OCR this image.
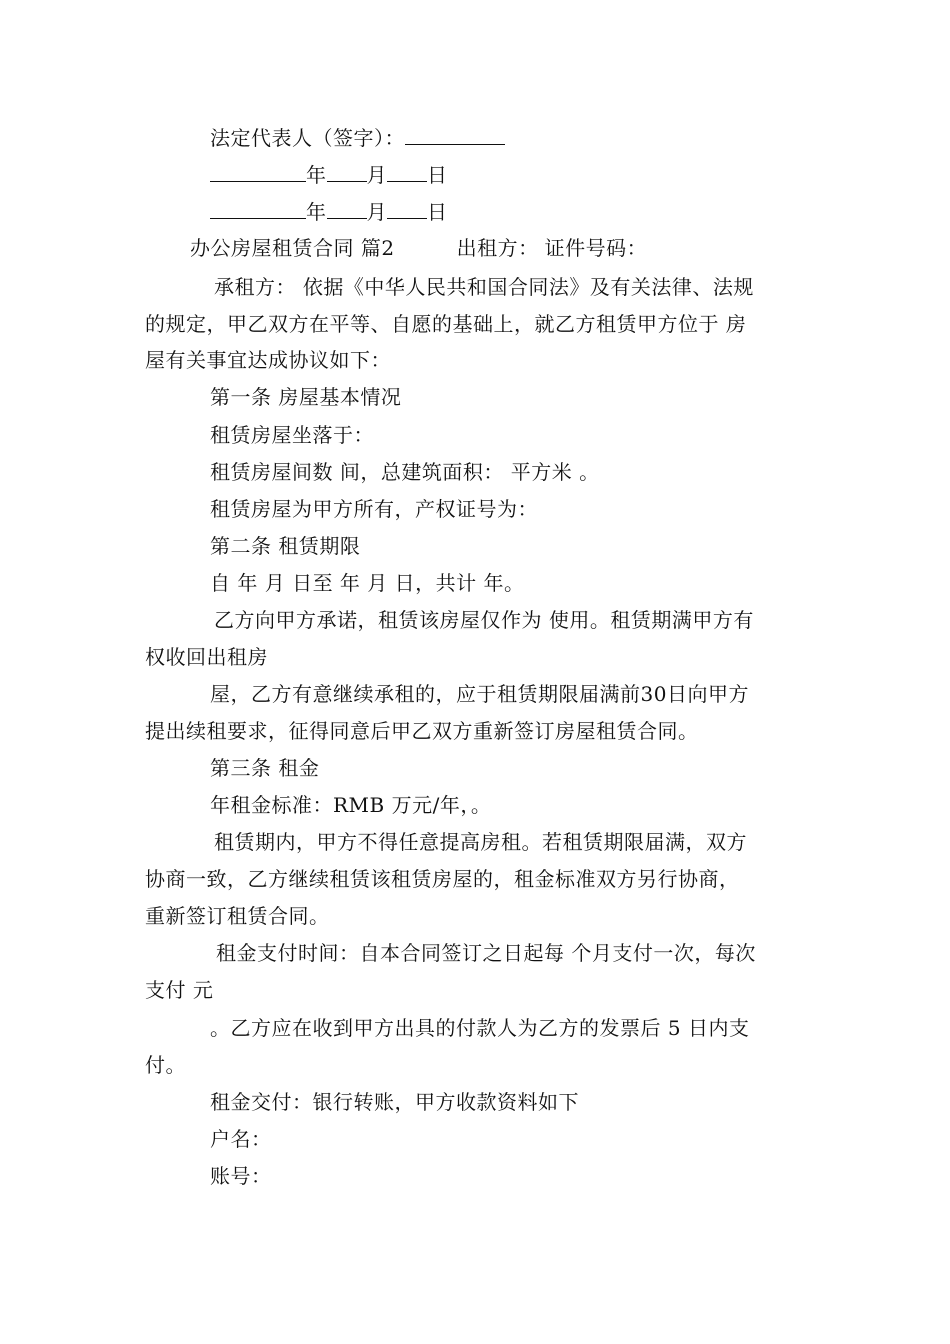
法定代表人（签字）：
年 月 日
年 月 日
办公房屋租赁合同 篇2	出租方： 证件号码：
承租方： 依据《中华人民共和国合同法》及有关法律、法规
的规定，甲乙双方在平等、自愿的基础上，就乙方租赁甲方位于 房
屋有关事宜达成协议如下：
第一条 房屋基本情况
租赁房屋坐落于：
租赁房屋间数 间，总建筑面积： 平方米 。
租赁房屋为甲方所有，产权证号为：
第二条 租赁期限
自 年 月 日至 年 月 日，共计 年。
乙方向甲方承诺，租赁该房屋仅作为 使用。租赁期满甲方有
权收回出租房
屋，乙方有意继续承租的，应于租赁期限届满前30日向甲方
提出续租要求，征得同意后甲乙双方重新签订房屋租赁合同。
第三条 租金
年租金标准：RMB 万元/年，。
租赁期内，甲方不得任意提高房租。若租赁期限届满，双方
协商一致，乙方继续租赁该租赁房屋的，租金标准双方另行协商，
重新签订租赁合同。
租金支付时间：自本合同签订之日起每 个月支付一次，每次
支付 元
。乙方应在收到甲方出具的付款人为乙方的发票后 5 日内支
付。
租金交付：银行转账，甲方收款资料如下
户名：
账号：
